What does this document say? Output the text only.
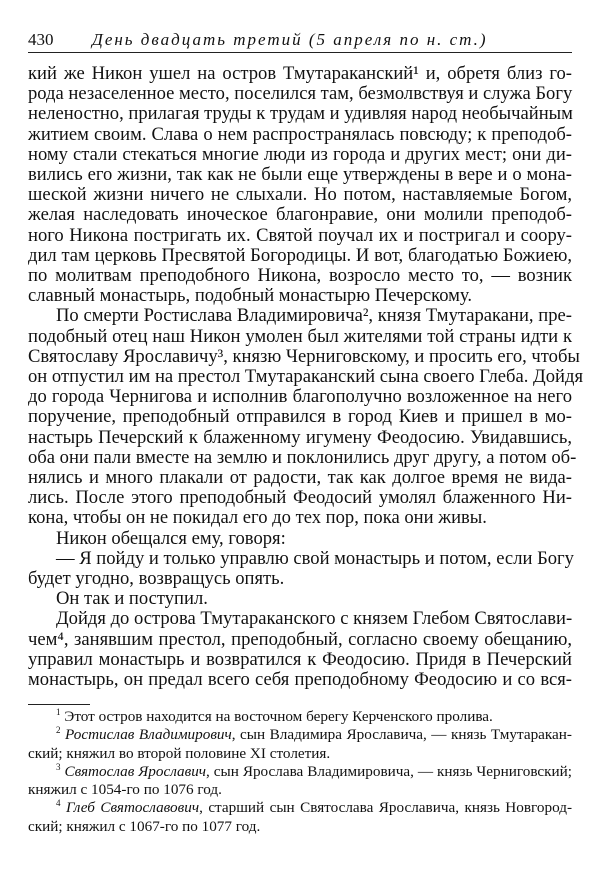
430 День двадцать третий (5 апреля по н. ст.)
кий же Никон ушел на остров Тмутараканский¹ и, обретя близ го-
рода незаселенное место, поселился там, безмолвствуя и служа Богу
неленостно, прилагая труды к трудам и удивляя народ необычайным
житием своим. Слава о нем распространялась повсюду; к преподоб-
ному стали стекаться многие люди из города и других мест; они ди-
вились его жизни, так как не были еще утверждены в вере и о мона-
шеской жизни ничего не слыхали. Но потом, наставляемые Богом,
желая наследовать иноческое благонравие, они молили преподоб-
ного Никона постригать их. Святой поучал их и постригал и соору-
дил там церковь Пресвятой Богородицы. И вот, благодатью Божиею,
по молитвам преподобного Никона, возросло место то, — возник
славный монастырь, подобный монастырю Печерскому.
По смерти Ростислава Владимировича², князя Тмутаракани, пре-
подобный отец наш Никон умолен был жителями той страны идти к
Святославу Ярославичу³, князю Черниговскому, и просить его, чтобы
он отпустил им на престол Тмутараканский сына своего Глеба. Дойдя
до города Чернигова и исполнив благополучно возложенное на него
поручение, преподобный отправился в город Киев и пришел в мо-
настырь Печерский к блаженному игумену Феодосию. Увидавшись,
оба они пали вместе на землю и поклонились друг другу, а потом об-
нялись и много плакали от радости, так как долгое время не вида-
лись. После этого преподобный Феодосий умолял блаженного Ни-
кона, чтобы он не покидал его до тех пор, пока они живы.
Никон обещался ему, говоря:
— Я пойду и только управлю свой монастырь и потом, если Богу
будет угодно, возвращусь опять.
Он так и поступил.
Дойдя до острова Тмутараканского с князем Глебом Святослави-
чем⁴, занявшим престол, преподобный, согласно своему обещанию,
управил монастырь и возвратился к Феодосию. Придя в Печерский
монастырь, он предал всего себя преподобному Феодосию и со вся-
$^1$ Этот остров находится на восточном берегу Керченского пролива.
$^2$ Ростислав Владимирович, сын Владимира Ярославича, — князь Тмутаракан-
ский; княжил во второй половине XI столетия.
$^3$ Святослав Ярославич, сын Ярослава Владимировича, — князь Черниговский;
княжил с 1054-го по 1076 год.
$^4$ Глеб Святославович, старший сын Святослава Ярославича, князь Новгород-
ский; княжил с 1067-го по 1077 год.
